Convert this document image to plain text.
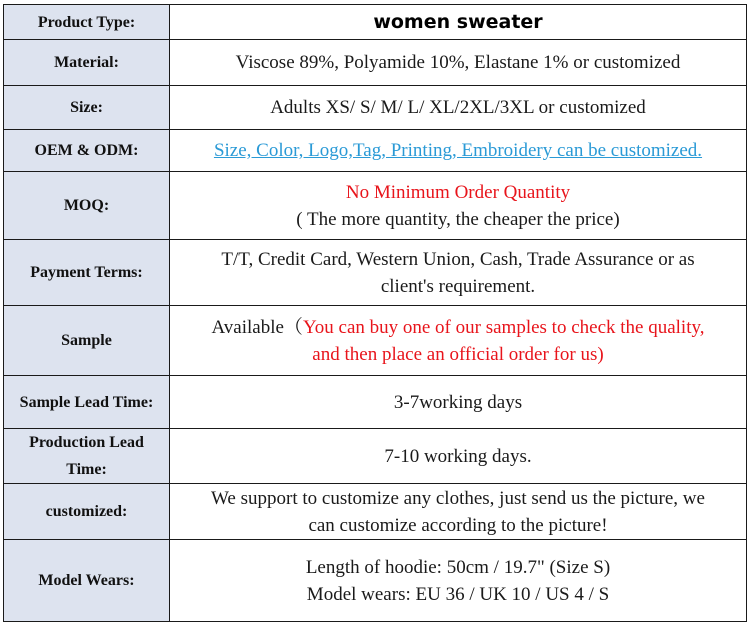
Product Type:	women sweater
Material:	Viscose 89%, Polyamide 10%, Elastane 1% or customized
Size:	Adults XS/ S/ M/ L/ XL/2XL/3XL or customized
OEM & ODM:	Size, Color, Logo,Tag, Printing, Embroidery can be customized.
MOQ:	No Minimum Order Quantity
( The more quantity, the cheaper the price)

Payment Terms:	T/T, Credit Card, Western Union, Cash, Trade Assurance or as
client's requirement.

Sample	Available（You can buy one of our samples to check the quality,
and then place an official order for us)

Sample Lead Time:	3-7working days
Production Lead Time:	7-10 working days.
customized:	We support to customize any clothes, just send us the picture, we
can customize according to the picture!

Model Wears:	Length of hoodie: 50cm / 19.7" (Size S)
Model wears: EU 36 / UK 10 / US 4 / S
